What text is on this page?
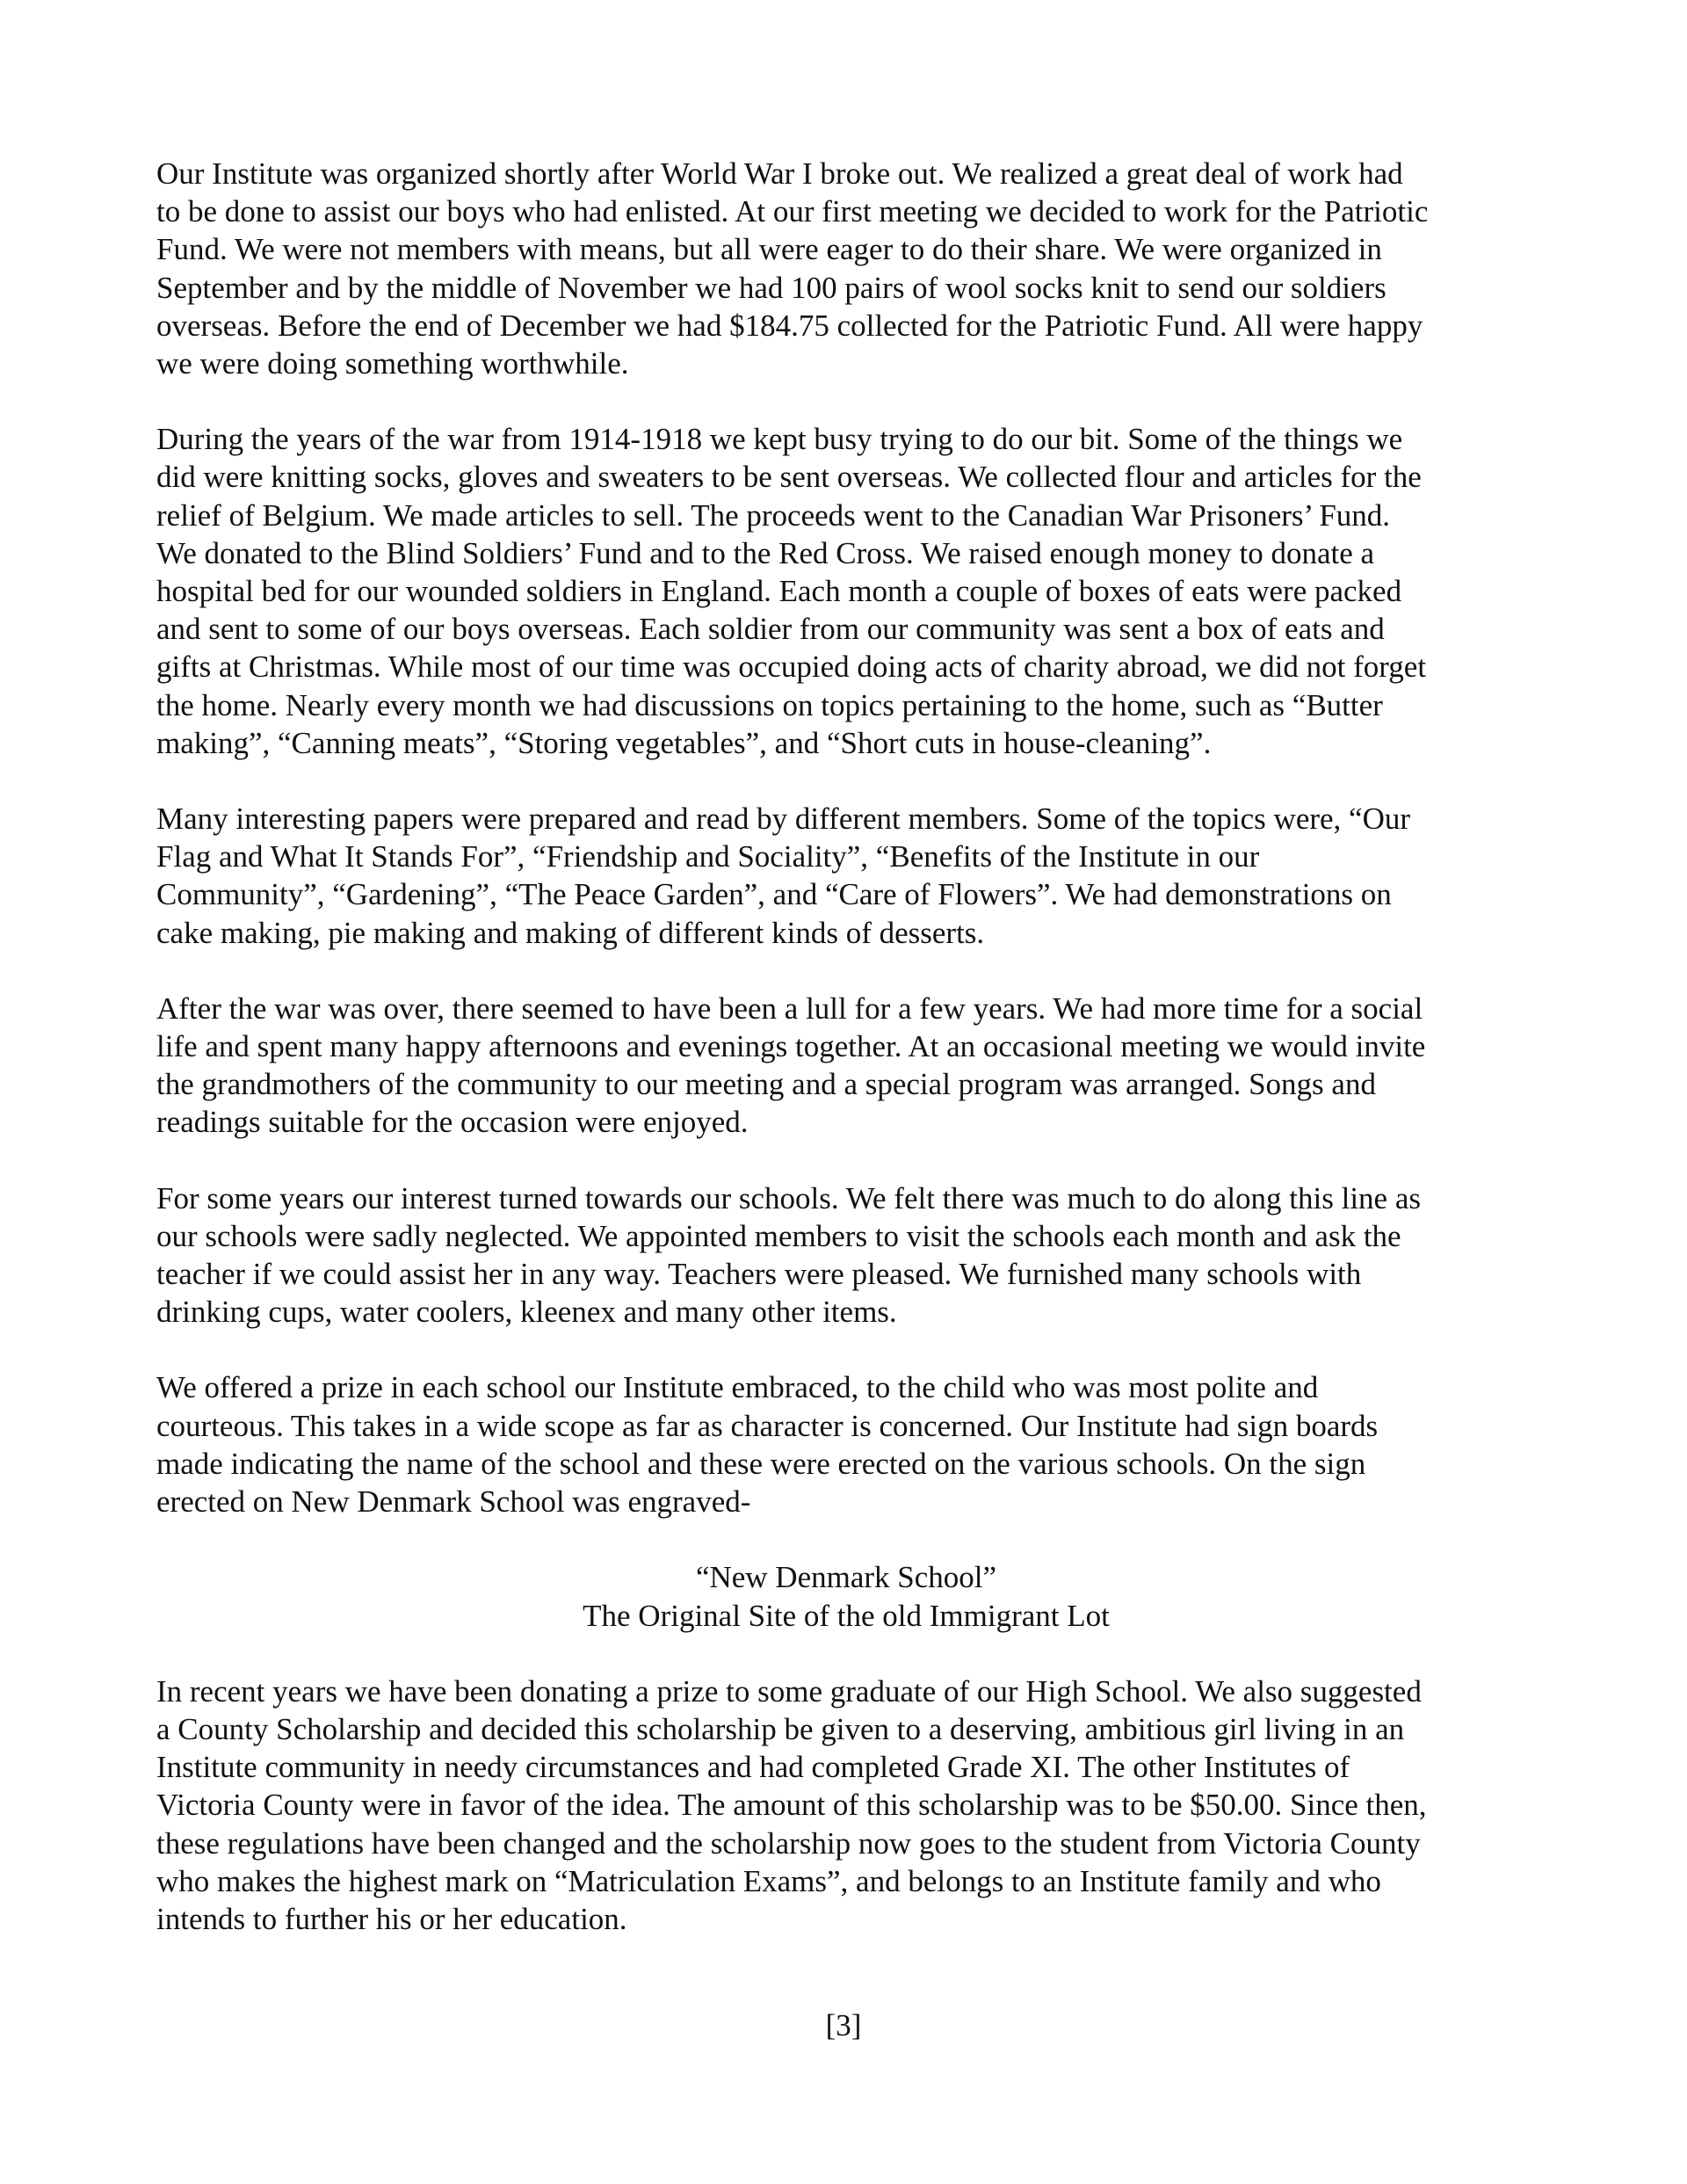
Our Institute was organized shortly after World War I broke out. We realized a great deal of work had
to be done to assist our boys who had enlisted. At our first meeting we decided to work for the Patriotic
Fund. We were not members with means, but all were eager to do their share. We were organized in
September and by the middle of November we had 100 pairs of wool socks knit to send our soldiers
overseas. Before the end of December we had $184.75 collected for the Patriotic Fund. All were happy
we were doing something worthwhile.

During the years of the war from 1914-1918 we kept busy trying to do our bit. Some of the things we
did were knitting socks, gloves and sweaters to be sent overseas. We collected flour and articles for the
relief of Belgium. We made articles to sell. The proceeds went to the Canadian War Prisoners’ Fund.
We donated to the Blind Soldiers’ Fund and to the Red Cross. We raised enough money to donate a
hospital bed for our wounded soldiers in England. Each month a couple of boxes of eats were packed
and sent to some of our boys overseas. Each soldier from our community was sent a box of eats and
gifts at Christmas. While most of our time was occupied doing acts of charity abroad, we did not forget
the home. Nearly every month we had discussions on topics pertaining to the home, such as “Butter
making”, “Canning meats”, “Storing vegetables”, and “Short cuts in house-cleaning”.

Many interesting papers were prepared and read by different members. Some of the topics were, “Our
Flag and What It Stands For”, “Friendship and Sociality”, “Benefits of the Institute in our
Community”, “Gardening”, “The Peace Garden”, and “Care of Flowers”. We had demonstrations on
cake making, pie making and making of different kinds of desserts.

After the war was over, there seemed to have been a lull for a few years. We had more time for a social
life and spent many happy afternoons and evenings together. At an occasional meeting we would invite
the grandmothers of the community to our meeting and a special program was arranged. Songs and
readings suitable for the occasion were enjoyed.

For some years our interest turned towards our schools. We felt there was much to do along this line as
our schools were sadly neglected. We appointed members to visit the schools each month and ask the
teacher if we could assist her in any way. Teachers were pleased. We furnished many schools with
drinking cups, water coolers, kleenex and many other items.

We offered a prize in each school our Institute embraced, to the child who was most polite and
courteous. This takes in a wide scope as far as character is concerned. Our Institute had sign boards
made indicating the name of the school and these were erected on the various schools. On the sign
erected on New Denmark School was engraved-

“New Denmark School”
The Original Site of the old Immigrant Lot

In recent years we have been donating a prize to some graduate of our High School. We also suggested
a County Scholarship and decided this scholarship be given to a deserving, ambitious girl living in an
Institute community in needy circumstances and had completed Grade XI. The other Institutes of
Victoria County were in favor of the idea. The amount of this scholarship was to be $50.00. Since then,
these regulations have been changed and the scholarship now goes to the student from Victoria County
who makes the highest mark on “Matriculation Exams”, and belongs to an Institute family and who
intends to further his or her education.

[3]
